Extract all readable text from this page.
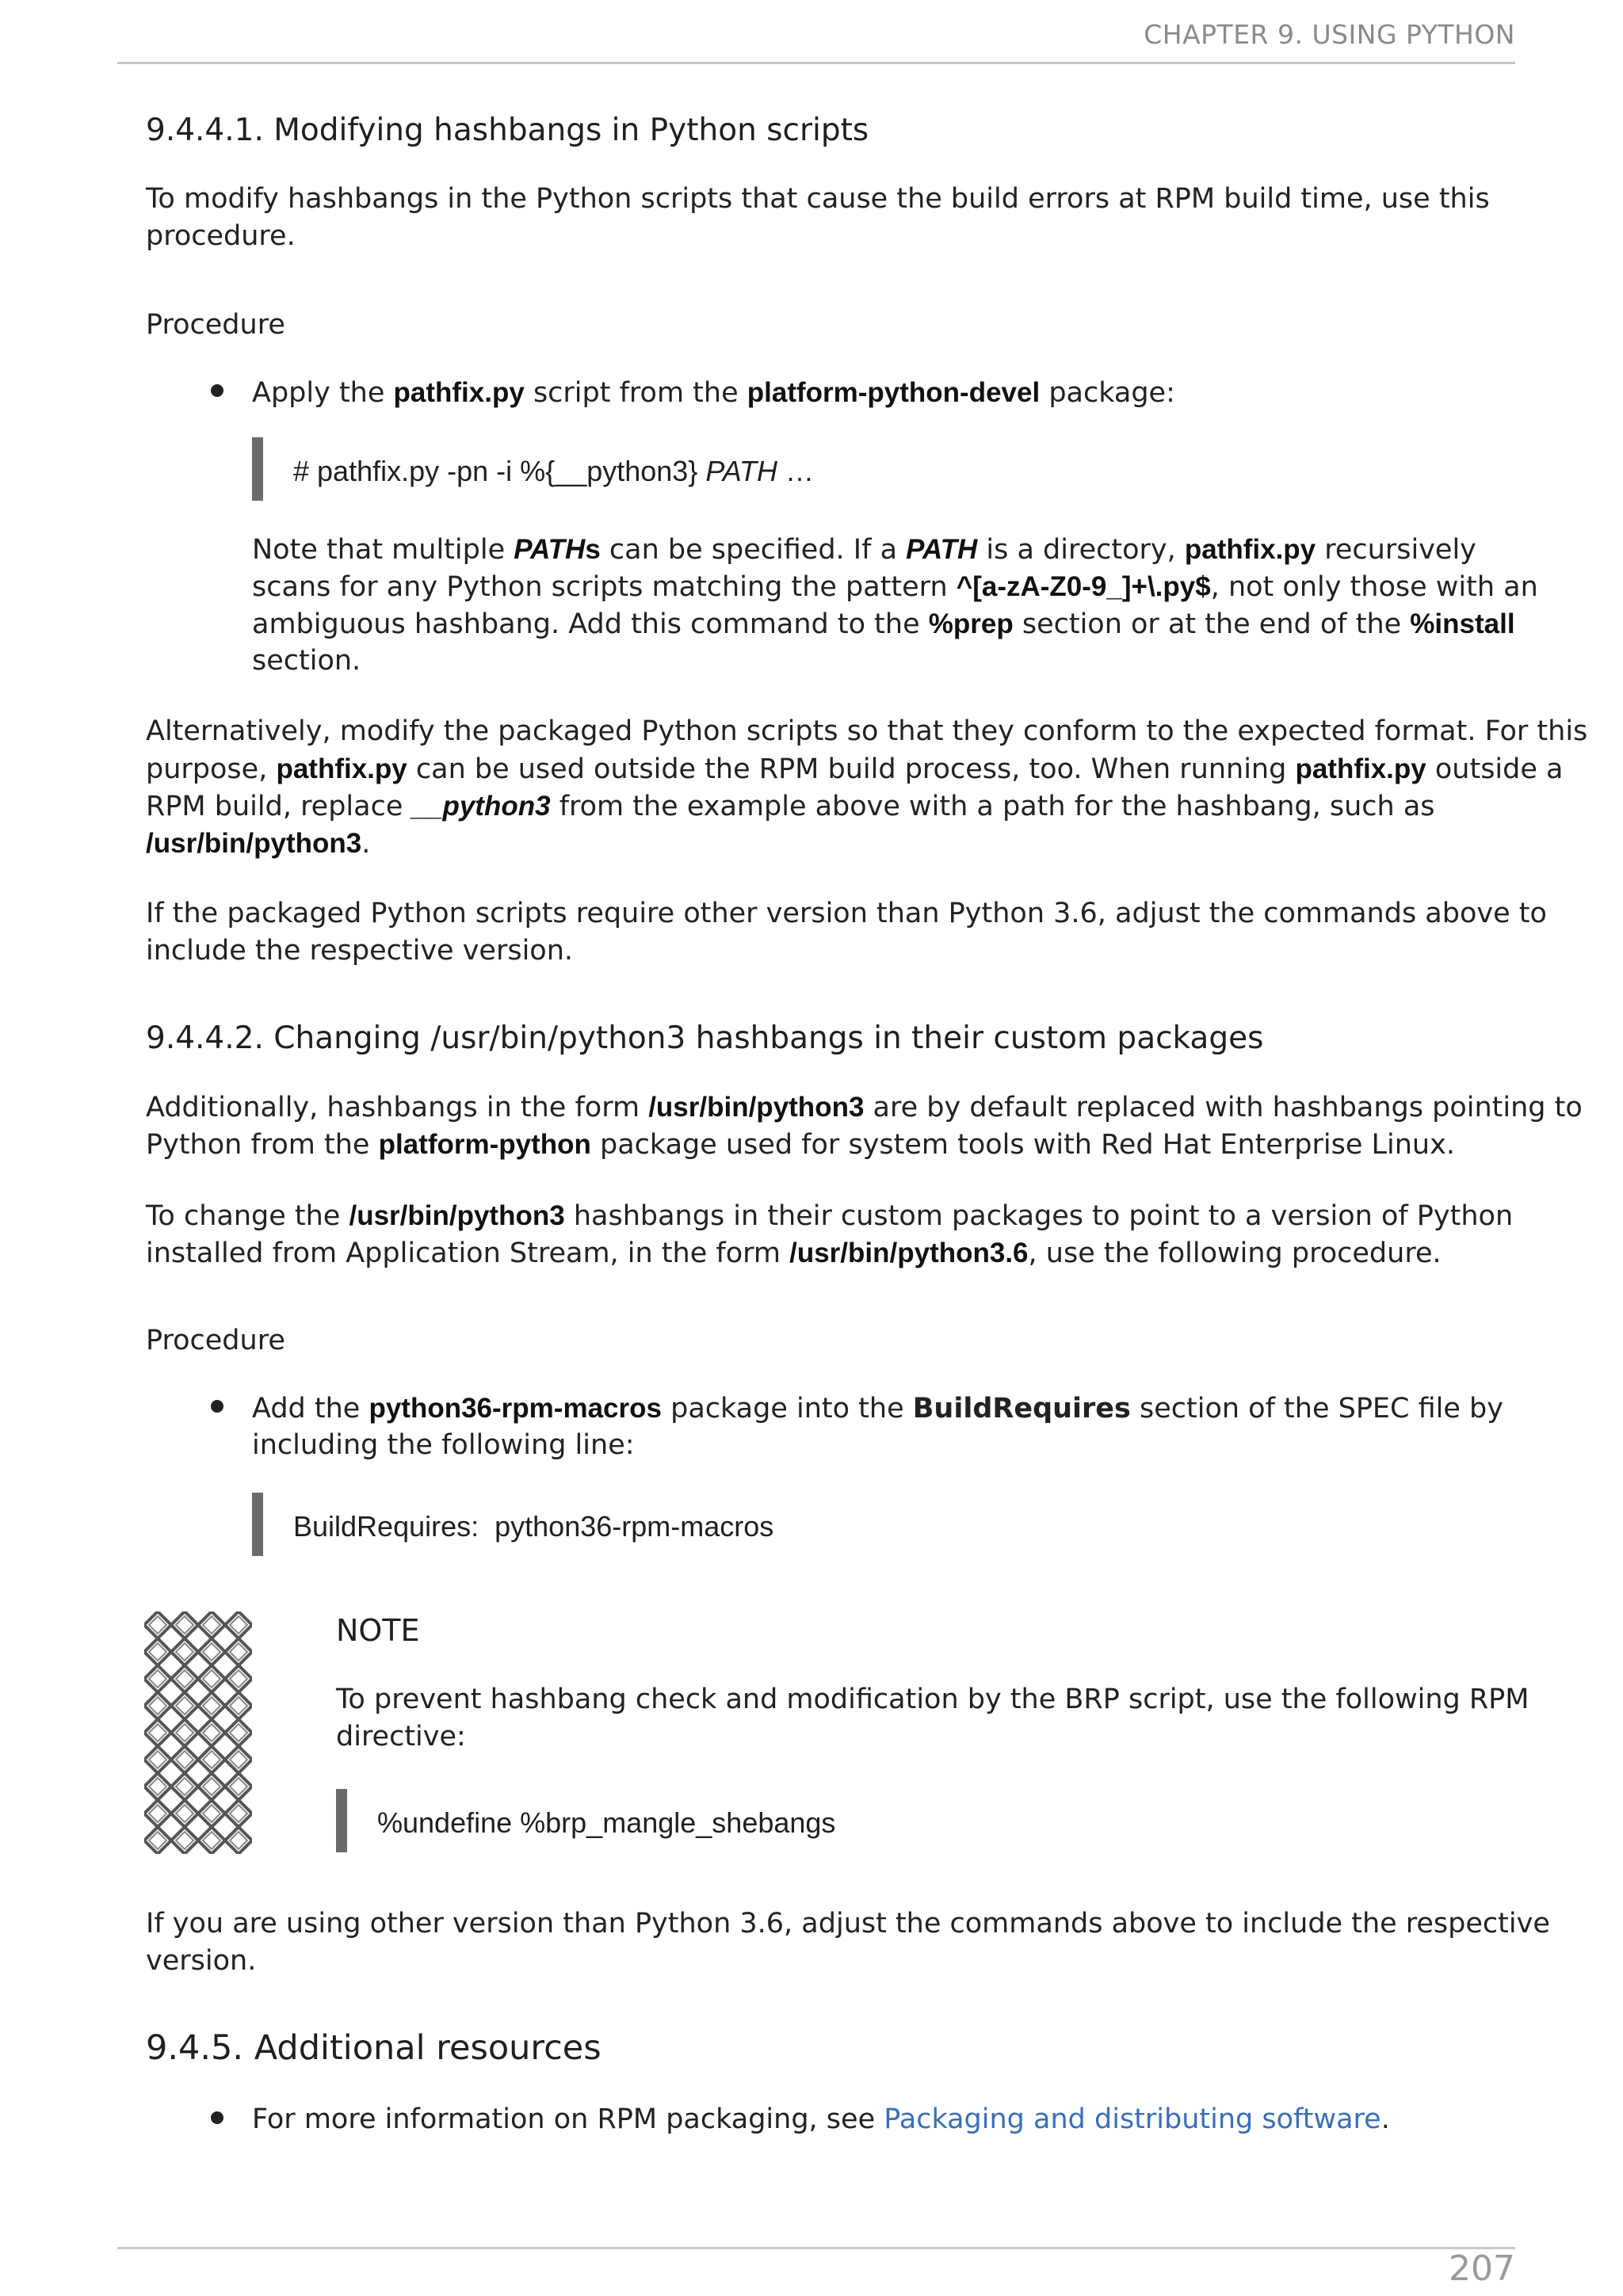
CHAPTER 9. USING PYTHON
9.4.4.1. Modifying hashbangs in Python scripts
To modify hashbangs in the Python scripts that cause the build errors at RPM build time, use this
procedure.
Procedure
Apply the pathfix.py script from the platform-python-devel package:
# pathfix.py -pn -i %{__python3} PATH …
Note that multiple PATHs can be specified. If a PATH is a directory, pathfix.py recursively
scans for any Python scripts matching the pattern ^[a-zA-Z0-9_]+\.py$, not only those with an
ambiguous hashbang. Add this command to the %prep section or at the end of the %install
section.
Alternatively, modify the packaged Python scripts so that they conform to the expected format. For this
purpose, pathfix.py can be used outside the RPM build process, too. When running pathfix.py outside a
RPM build, replace __python3 from the example above with a path for the hashbang, such as
/usr/bin/python3.
If the packaged Python scripts require other version than Python 3.6, adjust the commands above to
include the respective version.
9.4.4.2. Changing /usr/bin/python3 hashbangs in their custom packages
Additionally, hashbangs in the form /usr/bin/python3 are by default replaced with hashbangs pointing to
Python from the platform-python package used for system tools with Red Hat Enterprise Linux.
To change the /usr/bin/python3 hashbangs in their custom packages to point to a version of Python
installed from Application Stream, in the form /usr/bin/python3.6, use the following procedure.
Procedure
Add the python36-rpm-macros package into the BuildRequires section of the SPEC file by
including the following line:
BuildRequires:  python36-rpm-macros
NOTE
To prevent hashbang check and modification by the BRP script, use the following RPM
directive:
%undefine %brp_mangle_shebangs
If you are using other version than Python 3.6, adjust the commands above to include the respective
version.
9.4.5. Additional resources
For more information on RPM packaging, see Packaging and distributing software.
207
